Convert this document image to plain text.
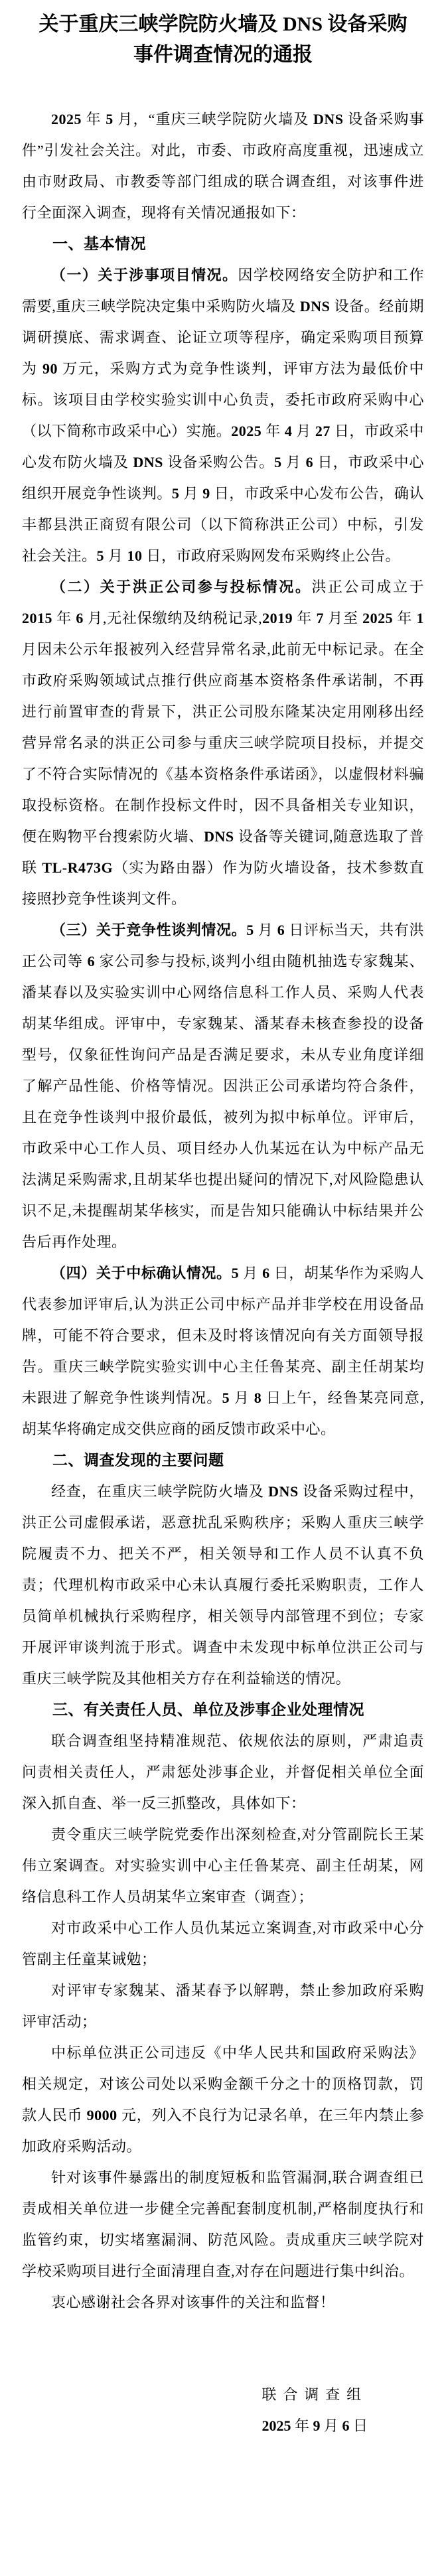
关于重庆三峡学院防火墙及 DNS 设备采购
事件调查情况的通报

2025 年 5 月，“重庆三峡学院防火墙及 DNS 设备采购事件”引发社会关注。对此，市委、市政府高度重视，迅速成立由市财政局、市教委等部门组成的联合调查组，对该事件进行全面深入调查，现将有关情况通报如下：

一、基本情况

（一）关于涉事项目情况。因学校网络安全防护和工作需要,重庆三峡学院决定集中采购防火墙及 DNS 设备。经前期调研摸底、需求调查、论证立项等程序，确定采购项目预算为 90 万元，采购方式为竞争性谈判，评审方法为最低价中标。该项目由学校实验实训中心负责，委托市政府采购中心（以下简称市政采中心）实施。2025 年 4 月 27 日，市政采中心发布防火墙及 DNS 设备采购公告。5 月 6 日，市政采中心组织开展竞争性谈判。5 月 9 日，市政采中心发布公告，确认丰都县洪正商贸有限公司（以下简称洪正公司）中标，引发社会关注。5 月 10 日，市政府采购网发布采购终止公告。

（二）关于洪正公司参与投标情况。洪正公司成立于 2015 年 6 月,无社保缴纳及纳税记录,2019 年 7 月至 2025 年 1 月因未公示年报被列入经营异常名录,此前无中标记录。在全市政府采购领域试点推行供应商基本资格条件承诺制，不再进行前置审查的背景下，洪正公司股东隆某决定用刚移出经营异常名录的洪正公司参与重庆三峡学院项目投标，并提交了不符合实际情况的《基本资格条件承诺函》，以虚假材料骗取投标资格。在制作投标文件时，因不具备相关专业知识，便在购物平台搜索防火墙、DNS 设备等关键词,随意选取了普联 TL-R473G（实为路由器）作为防火墙设备，技术参数直接照抄竞争性谈判文件。

（三）关于竞争性谈判情况。5 月 6 日评标当天，共有洪正公司等 6 家公司参与投标,谈判小组由随机抽选专家魏某、潘某春以及实验实训中心网络信息科工作人员、采购人代表胡某华组成。评审中，专家魏某、潘某春未核查参投的设备型号，仅象征性询问产品是否满足要求，未从专业角度详细了解产品性能、价格等情况。因洪正公司承诺均符合条件，且在竞争性谈判中报价最低，被列为拟中标单位。评审后，市政采中心工作人员、项目经办人仇某远在认为中标产品无法满足采购需求,且胡某华也提出疑问的情况下,对风险隐患认识不足,未提醒胡某华核实，而是告知只能确认中标结果并公告后再作处理。

（四）关于中标确认情况。5 月 6 日，胡某华作为采购人代表参加评审后,认为洪正公司中标产品并非学校在用设备品牌，可能不符合要求，但未及时将该情况向有关方面领导报告。重庆三峡学院实验实训中心主任鲁某亮、副主任胡某均未跟进了解竞争性谈判情况。5 月 8 日上午，经鲁某亮同意,胡某华将确定成交供应商的函反馈市政采中心。

二、调查发现的主要问题

经查，在重庆三峡学院防火墙及 DNS 设备采购过程中，洪正公司虚假承诺，恶意扰乱采购秩序；采购人重庆三峡学院履责不力、把关不严，相关领导和工作人员不认真不负责；代理机构市政采中心未认真履行委托采购职责，工作人员简单机械执行采购程序，相关领导内部管理不到位；专家开展评审谈判流于形式。调查中未发现中标单位洪正公司与重庆三峡学院及其他相关方存在利益输送的情况。

三、有关责任人员、单位及涉事企业处理情况

联合调查组坚持精准规范、依规依法的原则，严肃追责问责相关责任人，严肃惩处涉事企业，并督促相关单位全面深入抓自查、举一反三抓整改，具体如下：

责令重庆三峡学院党委作出深刻检查,对分管副院长王某伟立案调查。对实验实训中心主任鲁某亮、副主任胡某，网络信息科工作人员胡某华立案审查（调查）；

对市政采中心工作人员仇某远立案调查,对市政采中心分管副主任童某诫勉；

对评审专家魏某、潘某春予以解聘，禁止参加政府采购评审活动；

中标单位洪正公司违反《中华人民共和国政府采购法》相关规定，对该公司处以采购金额千分之十的顶格罚款，罚款人民币 9000 元，列入不良行为记录名单，在三年内禁止参加政府采购活动。

针对该事件暴露出的制度短板和监管漏洞,联合调查组已责成相关单位进一步健全完善配套制度机制,严格制度执行和监管约束，切实堵塞漏洞、防范风险。责成重庆三峡学院对学校采购项目进行全面清理自查,对存在问题进行集中纠治。

衷心感谢社会各界对该事件的关注和监督！

联合调查组
2025 年 9 月 6 日
